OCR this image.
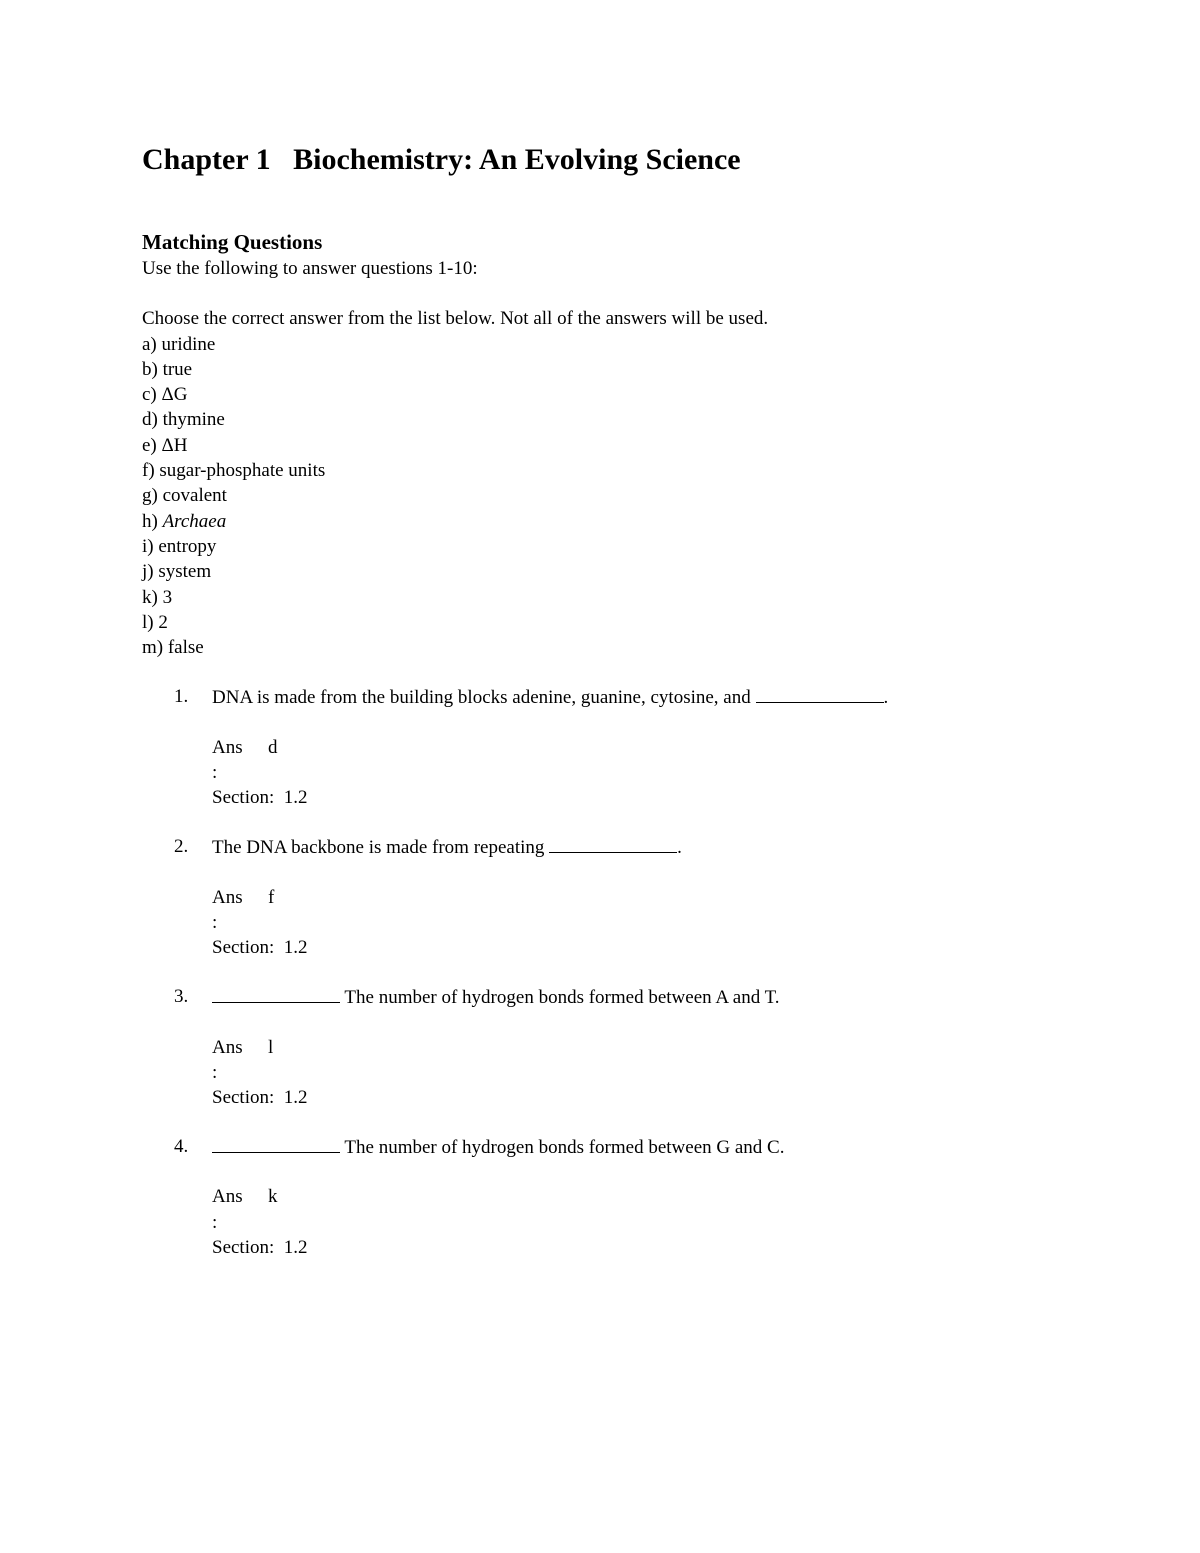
Chapter 1   Biochemistry: An Evolving Science
Matching Questions

Use the following to answer questions 1-10:

Choose the correct answer from the list below. Not all of the answers will be used.

a) uridine
b) true
c) ΔG
d) thymine
e) ΔH
f) sugar-phosphate units
g) covalent
h) Archaea
i) entropy
j) system
k) 3
l) 2
m) false
1. DNA is made from the building blocks adenine, guanine, cytosine, and	.
Ans d
:
Section: 1.2
2. The DNA backbone is made from repeating	.
Ans f
:
Section: 1.2
3.	The number of hydrogen bonds formed between A and T.
Ans l
:
Section: 1.2
4.	The number of hydrogen bonds formed between G and C.
Ans k
:
Section: 1.2
